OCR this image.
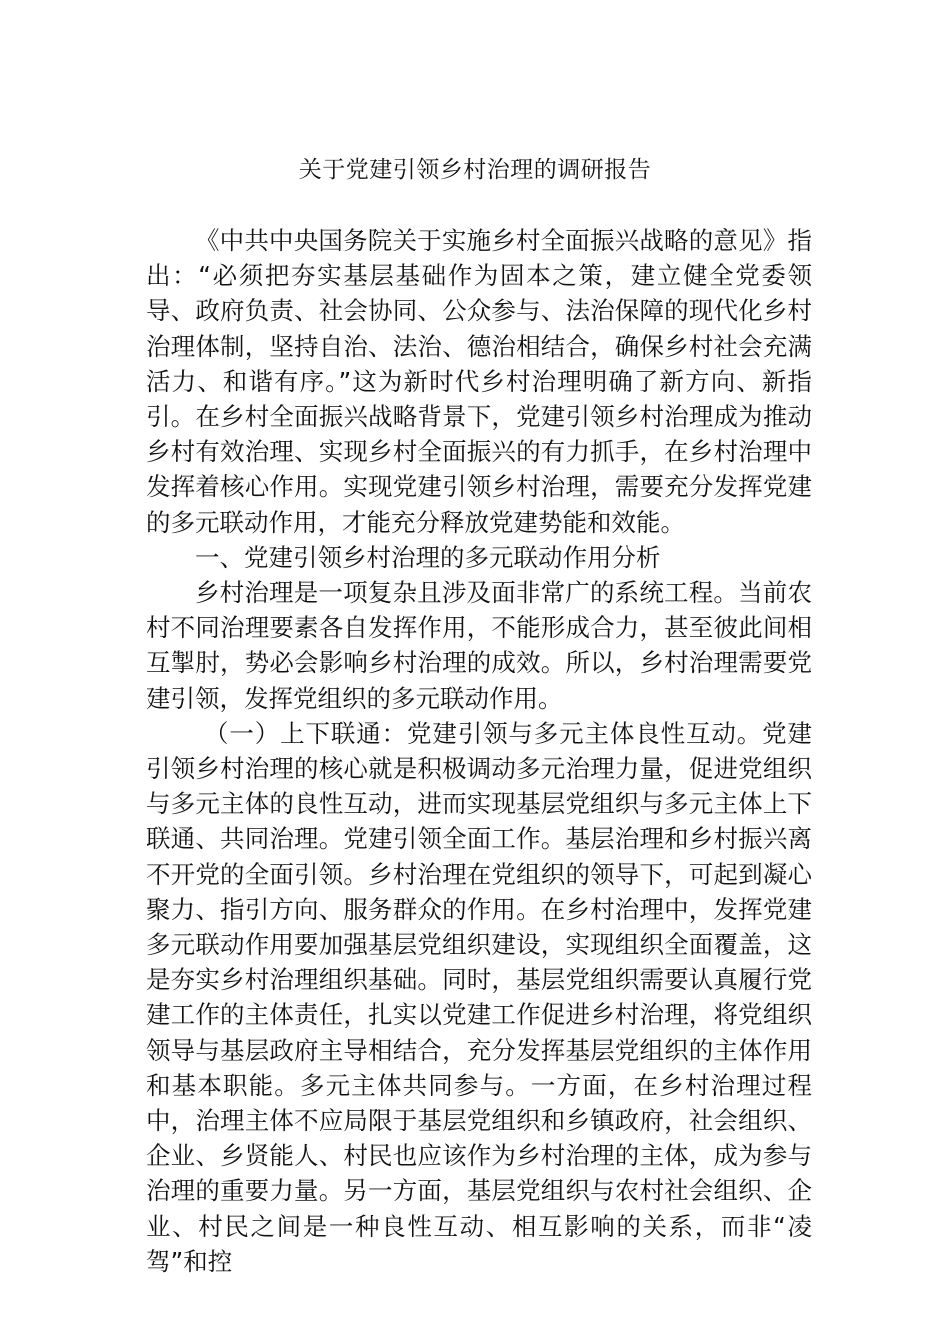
关于党建引领乡村治理的调研报告

《中共中央国务院关于实施乡村全面振兴战略的意见》指出：“必须把夯实基层基础作为固本之策，建立健全党委领导、政府负责、社会协同、公众参与、法治保障的现代化乡村治理体制，坚持自治、法治、德治相结合，确保乡村社会充满活力、和谐有序。”这为新时代乡村治理明确了新方向、新指引。在乡村全面振兴战略背景下，党建引领乡村治理成为推动乡村有效治理、实现乡村全面振兴的有力抓手，在乡村治理中发挥着核心作用。实现党建引领乡村治理，需要充分发挥党建的多元联动作用，才能充分释放党建势能和效能。

一、党建引领乡村治理的多元联动作用分析

乡村治理是一项复杂且涉及面非常广的系统工程。当前农村不同治理要素各自发挥作用，不能形成合力，甚至彼此间相互掣肘，势必会影响乡村治理的成效。所以，乡村治理需要党建引领，发挥党组织的多元联动作用。

（一）上下联通：党建引领与多元主体良性互动。党建引领乡村治理的核心就是积极调动多元治理力量，促进党组织与多元主体的良性互动，进而实现基层党组织与多元主体上下联通、共同治理。党建引领全面工作。基层治理和乡村振兴离不开党的全面引领。乡村治理在党组织的领导下，可起到凝心聚力、指引方向、服务群众的作用。在乡村治理中，发挥党建多元联动作用要加强基层党组织建设，实现组织全面覆盖，这是夯实乡村治理组织基础。同时，基层党组织需要认真履行党建工作的主体责任，扎实以党建工作促进乡村治理，将党组织领导与基层政府主导相结合，充分发挥基层党组织的主体作用和基本职能。多元主体共同参与。一方面，在乡村治理过程中，治理主体不应局限于基层党组织和乡镇政府，社会组织、企业、乡贤能人、村民也应该作为乡村治理的主体，成为参与治理的重要力量。另一方面，基层党组织与农村社会组织、企业、村民之间是一种良性互动、相互影响的关系，而非“凌驾”和控
